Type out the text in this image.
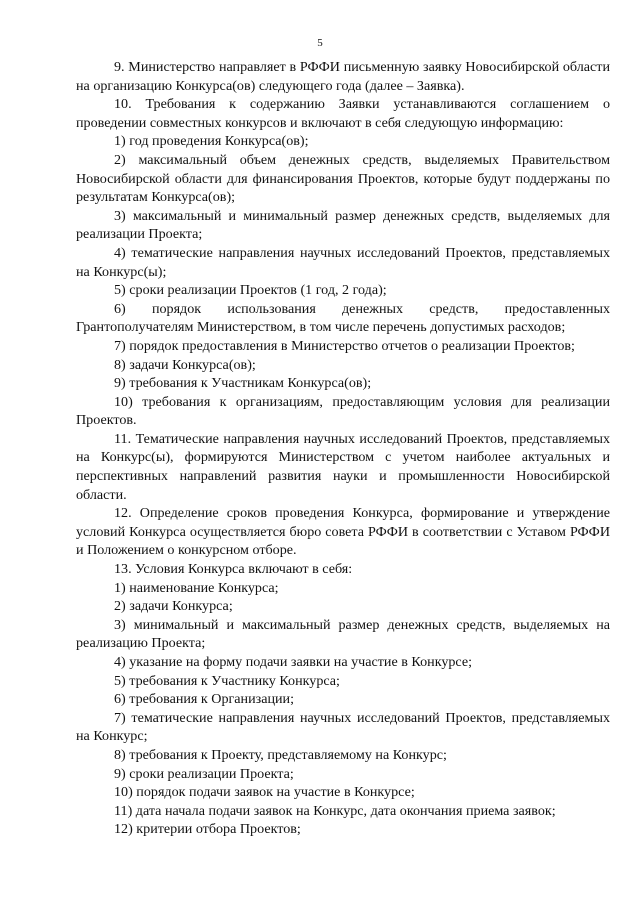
5

9. Министерство направляет в РФФИ письменную заявку Новосибирской области на организацию Конкурса(ов) следующего года (далее – Заявка).

10. Требования к содержанию Заявки устанавливаются соглашением о проведении совместных конкурсов и включают в себя следующую информацию:

1) год проведения Конкурса(ов);

2) максимальный объем денежных средств, выделяемых Правительством Новосибирской области для финансирования Проектов, которые будут поддержаны по результатам Конкурса(ов);

3) максимальный и минимальный размер денежных средств, выделяемых для реализации Проекта;

4) тематические направления научных исследований Проектов, представляемых на Конкурс(ы);

5) сроки реализации Проектов (1 год, 2 года);

6) порядок использования денежных средств, предоставленных Грантополучателям Министерством, в том числе перечень допустимых расходов;

7) порядок предоставления в Министерство отчетов о реализации Проектов;

8) задачи Конкурса(ов);

9) требования к Участникам Конкурса(ов);

10) требования к организациям, предоставляющим условия для реализации Проектов.

11. Тематические направления научных исследований Проектов, представляемых на Конкурс(ы), формируются Министерством с учетом наиболее актуальных и перспективных направлений развития науки и промышленности Новосибирской области.

12. Определение сроков проведения Конкурса, формирование и утверждение условий Конкурса осуществляется бюро совета РФФИ в соответствии с Уставом РФФИ и Положением о конкурсном отборе.

13. Условия Конкурса включают в себя:

1) наименование Конкурса;

2) задачи Конкурса;

3) минимальный и максимальный размер денежных средств, выделяемых на реализацию Проекта;

4) указание на форму подачи заявки на участие в Конкурсе;

5) требования к Участнику Конкурса;

6) требования к Организации;

7) тематические направления научных исследований Проектов, представляемых на Конкурс;

8) требования к Проекту, представляемому на Конкурс;

9) сроки реализации Проекта;

10) порядок подачи заявок на участие в Конкурсе;

11) дата начала подачи заявок на Конкурс, дата окончания приема заявок;

12) критерии отбора Проектов;
